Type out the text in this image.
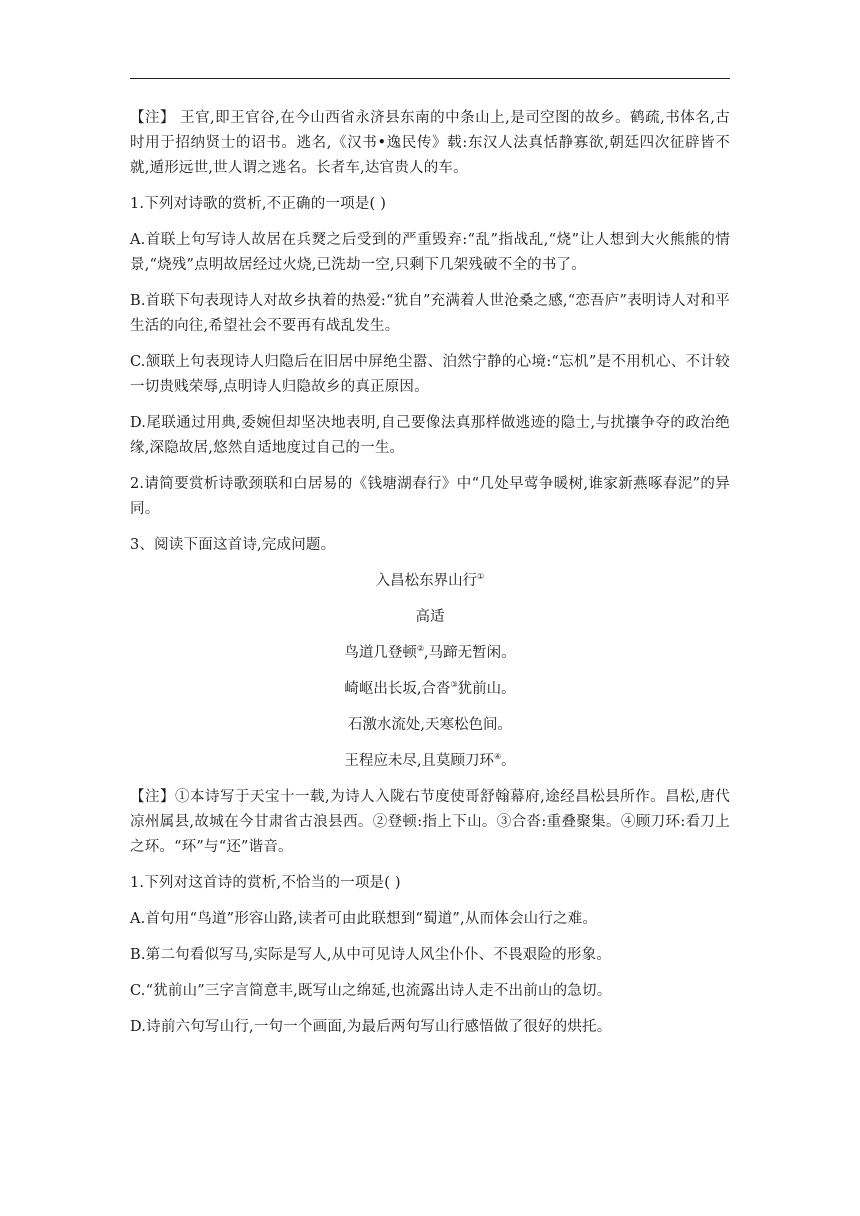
【注】 王官,即王官谷,在今山西省永济县东南的中条山上,是司空图的故乡。鹤疏,书体名,古时用于招纳贤士的诏书。逃名,《汉书•逸民传》载:东汉人法真恬静寡欲,朝廷四次征辟皆不就,遁形远世,世人谓之逃名。长者车,达官贵人的车。

1.下列对诗歌的赏析,不正确的一项是( )

A.首联上句写诗人故居在兵燹之后受到的严重毁弃:“乱”指战乱,“烧”让人想到大火熊熊的情景,“烧残”点明故居经过火烧,已洗劫一空,只剩下几架残破不全的书了。

B.首联下句表现诗人对故乡执着的热爱:“犹自”充满着人世沧桑之感,“恋吾庐”表明诗人对和平生活的向往,希望社会不要再有战乱发生。

C.颔联上句表现诗人归隐后在旧居中屏绝尘嚣、泊然宁静的心境:“忘机”是不用机心、不计较一切贵贱荣辱,点明诗人归隐故乡的真正原因。

D.尾联通过用典,委婉但却坚决地表明,自己要像法真那样做逃迹的隐士,与扰攘争夺的政治绝缘,深隐故居,悠然自适地度过自己的一生。

2.请简要赏析诗歌颈联和白居易的《钱塘湖春行》中“几处早莺争暖树,谁家新燕啄春泥”的异同。

3、阅读下面这首诗,完成问题。

入昌松东界山行①
高适
鸟道几登顿②,马蹄无暂闲。
崎岖出长坂,合沓③犹前山。
石激水流处,天寒松色间。
王程应未尽,且莫顾刀环④。

【注】①本诗写于天宝十一载,为诗人入陇右节度使哥舒翰幕府,途经昌松县所作。昌松,唐代凉州属县,故城在今甘肃省古浪县西。②登顿:指上下山。③合沓:重叠聚集。④顾刀环:看刀上之环。“环”与“还”谐音。

1.下列对这首诗的赏析,不恰当的一项是( )

A.首句用“鸟道”形容山路,读者可由此联想到“蜀道”,从而体会山行之难。

B.第二句看似写马,实际是写人,从中可见诗人风尘仆仆、不畏艰险的形象。

C.“犹前山”三字言简意丰,既写山之绵延,也流露出诗人走不出前山的急切。

D.诗前六句写山行,一句一个画面,为最后两句写山行感悟做了很好的烘托。
